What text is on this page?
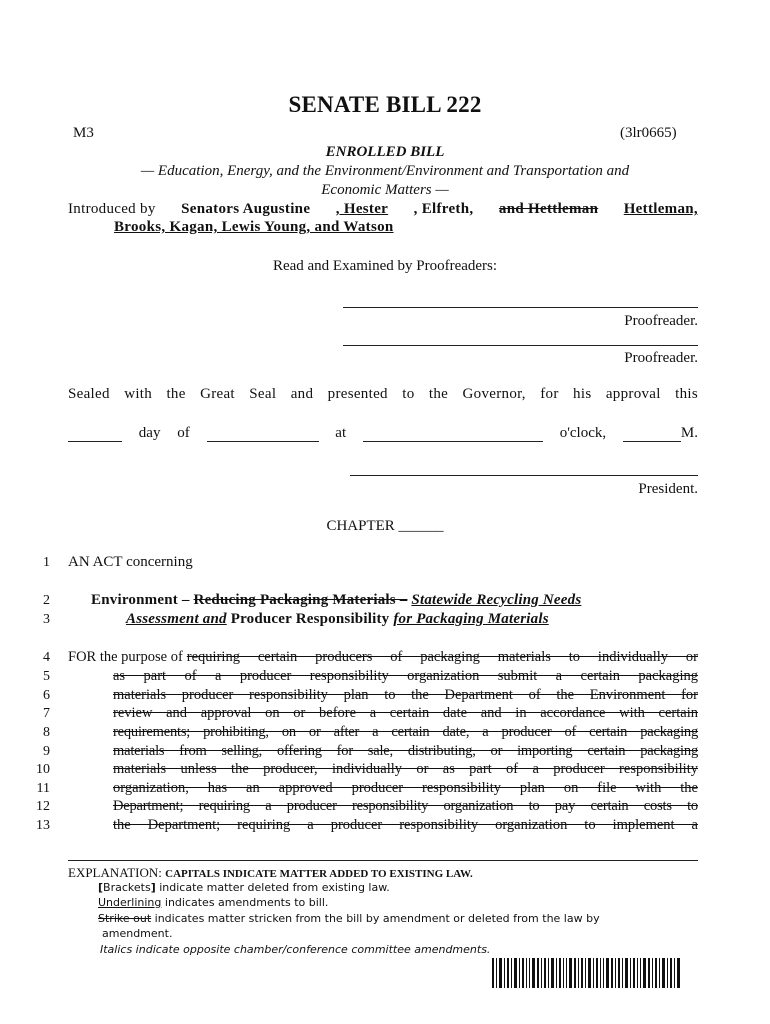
SENATE BILL 222
M3	(3lr0665)
ENROLLED BILL
— Education, Energy, and the Environment/Environment and Transportation and
Economic Matters —
Introduced by Senators Augustine , Hester , Elfreth, and Hettleman Hettleman,
Brooks, Kagan, Lewis Young, and Watson
Read and Examined by Proofreaders:
Proofreader.
Proofreader.
Sealed with the Great Seal and presented to the Governor, for his approval this
day of	at	o'clock,	M.
President.
CHAPTER ______
1 AN ACT concerning
2
3
Environment – Reducing Packaging Materials – Statewide Recycling Needs
Assessment and Producer Responsibility for Packaging Materials
4 FOR the purpose of requiring certain producers of packaging materials to individually or
5	as part of a producer responsibility organization submit a certain packaging
6	materials producer responsibility plan to the Department of the Environment for
7	review and approval on or before a certain date and in accordance with certain
8	requirements; prohibiting, on or after a certain date, a producer of certain packaging
9	materials from selling, offering for sale, distributing, or importing certain packaging
10	materials unless the producer, individually or as part of a producer responsibility
11	organization, has an approved producer responsibility plan on file with the
12	Department; requiring a producer responsibility organization to pay certain costs to
13	the Department; requiring a producer responsibility organization to implement a
EXPLANATION: CAPITALS INDICATE MATTER ADDED TO EXISTING LAW.
[Brackets] indicate matter deleted from existing law.
Underlining indicates amendments to bill.
Strike out indicates matter stricken from the bill by amendment or deleted from the law by
amendment.
Italics indicate opposite chamber/conference committee amendments.
